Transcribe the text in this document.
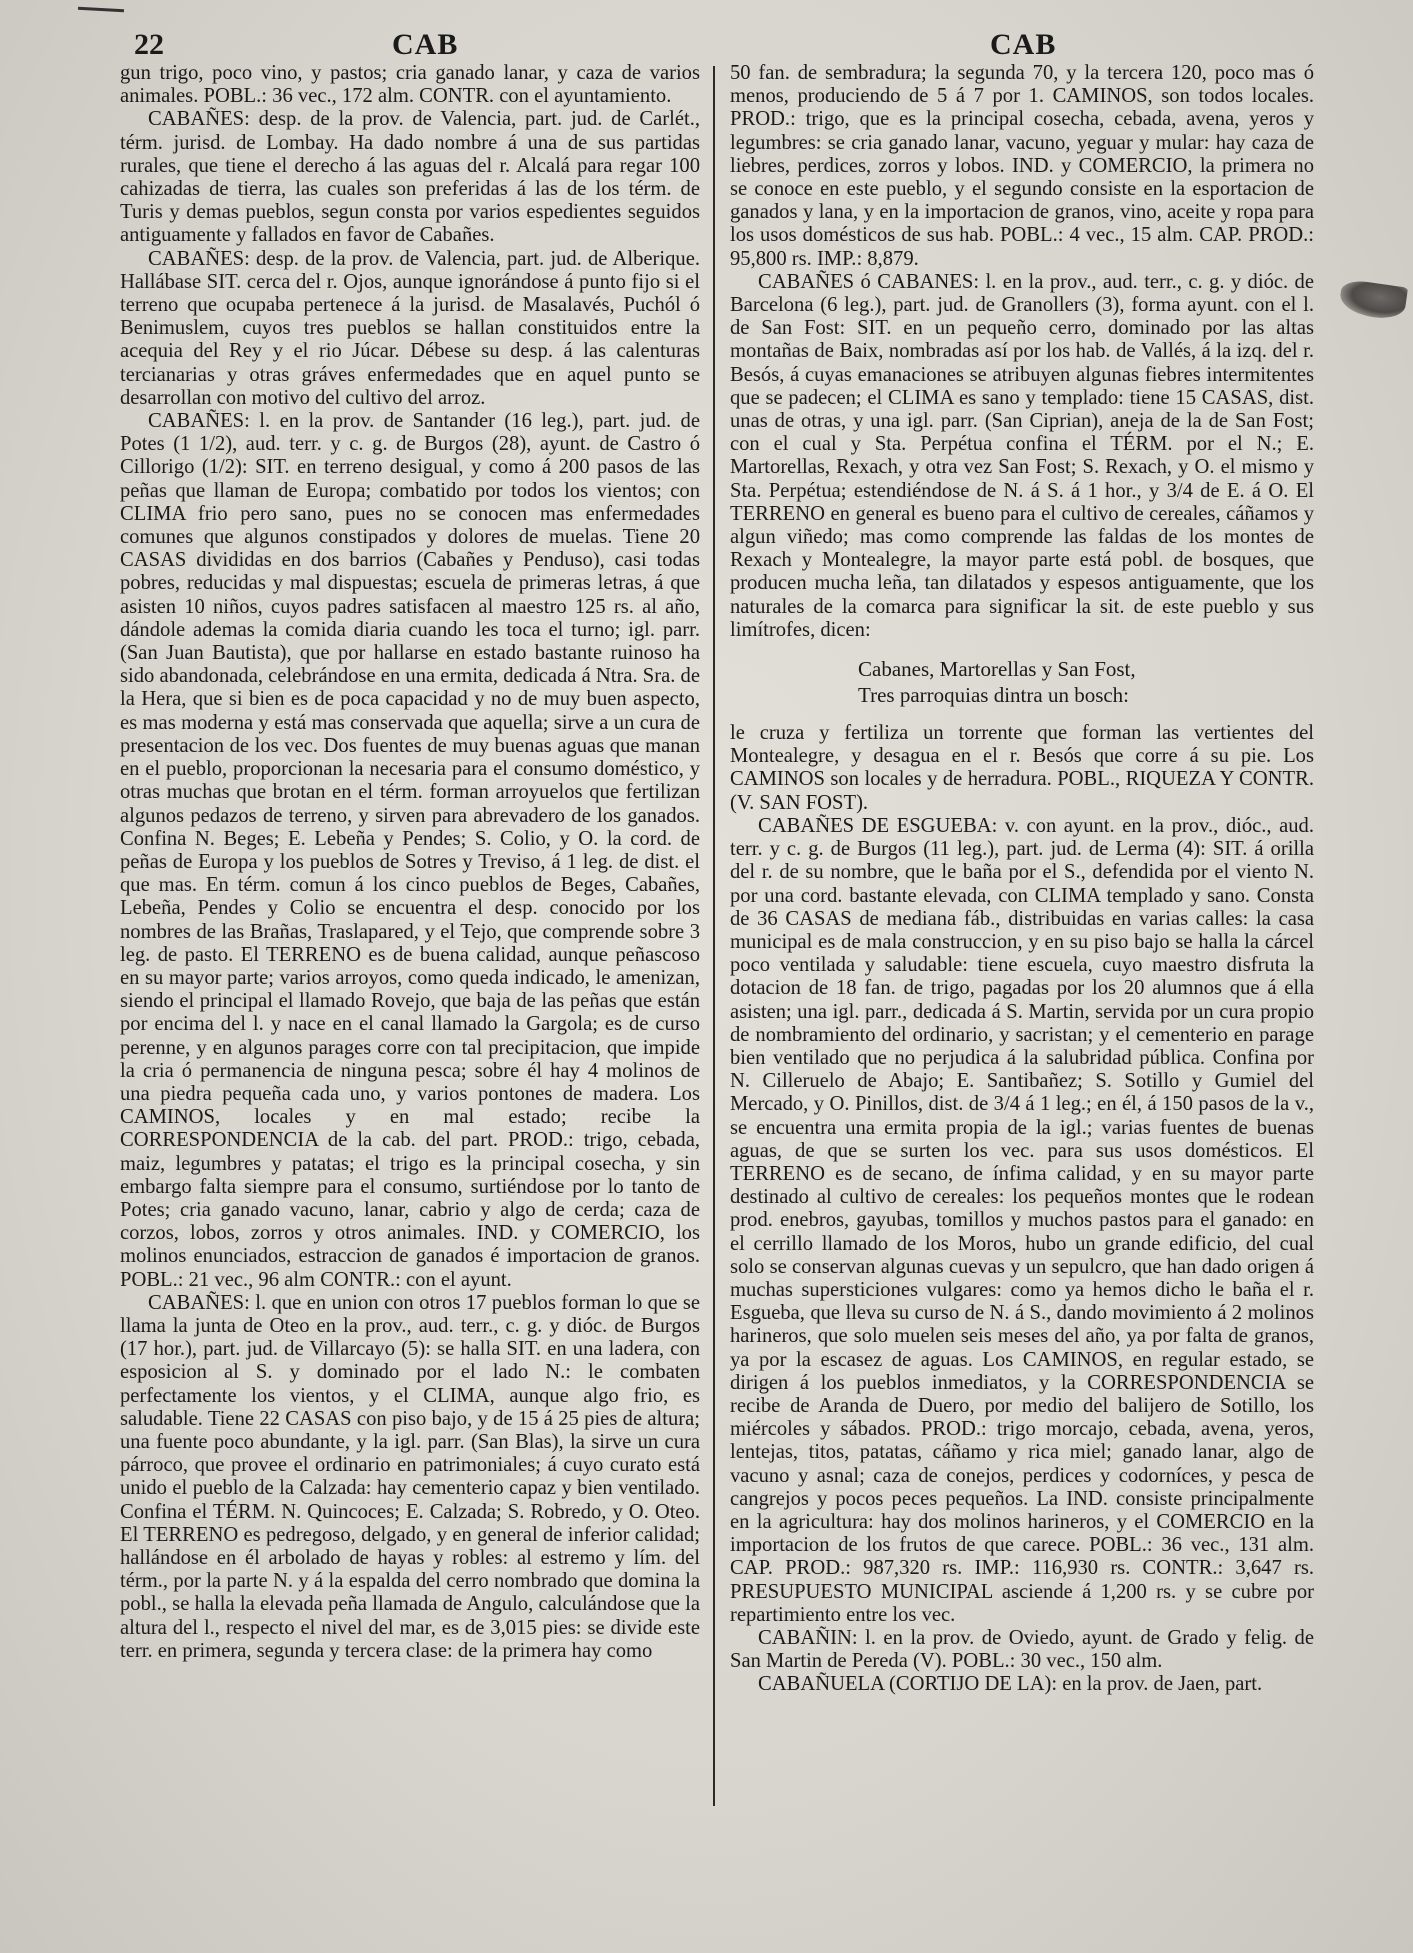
22	CAB	CAB

gun trigo, poco vino, y pastos; cria ganado lanar, y caza de varios animales. POBL.: 36 vec., 172 alm. CONTR. con el ayuntamiento.

CABAÑES: desp. de la prov. de Valencia, part. jud. de Carlét., térm. jurisd. de Lombay. Ha dado nombre á una de sus partidas rurales, que tiene el derecho á las aguas del r. Alcalá para regar 100 cahizadas de tierra, las cuales son preferidas á las de los térm. de Turis y demas pueblos, segun consta por varios espedientes seguidos antiguamente y fallados en favor de Cabañes.

CABAÑES: desp. de la prov. de Valencia, part. jud. de Alberique. Hallábase SIT. cerca del r. Ojos, aunque ignorándose á punto fijo si el terreno que ocupaba pertenece á la jurisd. de Masalavés, Puchól ó Benimuslem, cuyos tres pueblos se hallan constituidos entre la acequia del Rey y el rio Júcar. Débese su desp. á las calenturas tercianarias y otras gráves enfermedades que en aquel punto se desarrollan con motivo del cultivo del arroz.

CABAÑES: l. en la prov. de Santander (16 leg.), part. jud. de Potes (1 1/2), aud. terr. y c. g. de Burgos (28), ayunt. de Castro ó Cillorigo (1/2): SIT. en terreno desigual, y como á 200 pasos de las peñas que llaman de Europa; combatido por todos los vientos; con CLIMA frio pero sano, pues no se conocen mas enfermedades comunes que algunos constipados y dolores de muelas. Tiene 20 CASAS divididas en dos barrios (Cabañes y Penduso), casi todas pobres, reducidas y mal dispuestas; escuela de primeras letras, á que asisten 10 niños, cuyos padres satisfacen al maestro 125 rs. al año, dándole ademas la comida diaria cuando les toca el turno; igl. parr. (San Juan Bautista), que por hallarse en estado bastante ruinoso ha sido abandonada, celebrándose en una ermita, dedicada á Ntra. Sra. de la Hera, que si bien es de poca capacidad y no de muy buen aspecto, es mas moderna y está mas conservada que aquella; sirve a un cura de presentacion de los vec. Dos fuentes de muy buenas aguas que manan en el pueblo, proporcionan la necesaria para el consumo doméstico, y otras muchas que brotan en el térm. forman arroyuelos que fertilizan algunos pedazos de terreno, y sirven para abrevadero de los ganados. Confina N. Beges; E. Lebeña y Pendes; S. Colio, y O. la cord. de peñas de Europa y los pueblos de Sotres y Treviso, á 1 leg. de dist. el que mas. En térm. comun á los cinco pueblos de Beges, Cabañes, Lebeña, Pendes y Colio se encuentra el desp. conocido por los nombres de las Brañas, Traslapared, y el Tejo, que comprende sobre 3 leg. de pasto. El TERRENO es de buena calidad, aunque peñascoso en su mayor parte; varios arroyos, como queda indicado, le amenizan, siendo el principal el llamado Rovejo, que baja de las peñas que están por encima del l. y nace en el canal llamado la Gargola; es de curso perenne, y en algunos parages corre con tal precipitacion, que impide la cria ó permanencia de ninguna pesca; sobre él hay 4 molinos de una piedra pequeña cada uno, y varios pontones de madera. Los CAMINOS, locales y en mal estado; recibe la CORRESPONDENCIA de la cab. del part. PROD.: trigo, cebada, maiz, legumbres y patatas; el trigo es la principal cosecha, y sin embargo falta siempre para el consumo, surtiéndose por lo tanto de Potes; cria ganado vacuno, lanar, cabrio y algo de cerda; caza de corzos, lobos, zorros y otros animales. IND. y COMERCIO, los molinos enunciados, estraccion de ganados é importacion de granos. POBL.: 21 vec., 96 alm CONTR.: con el ayunt.

CABAÑES: l. que en union con otros 17 pueblos forman lo que se llama la junta de Oteo en la prov., aud. terr., c. g. y dióc. de Burgos (17 hor.), part. jud. de Villarcayo (5): se halla SIT. en una ladera, con esposicion al S. y dominado por el lado N.: le combaten perfectamente los vientos, y el CLIMA, aunque algo frio, es saludable. Tiene 22 CASAS con piso bajo, y de 15 á 25 pies de altura; una fuente poco abundante, y la igl. parr. (San Blas), la sirve un cura párroco, que provee el ordinario en patrimoniales; á cuyo curato está unido el pueblo de la Calzada: hay cementerio capaz y bien ventilado. Confina el TÉRM. N. Quincoces; E. Calzada; S. Robredo, y O. Oteo. El TERRENO es pedregoso, delgado, y en general de inferior calidad; hallándose en él arbolado de hayas y robles: al estremo y lím. del térm., por la parte N. y á la espalda del cerro nombrado que domina la pobl., se halla la elevada peña llamada de Angulo, calculándose que la altura del l., respecto el nivel del mar, es de 3,015 pies: se divide este terr. en primera, segunda y tercera clase: de la primera hay como

50 fan. de sembradura; la segunda 70, y la tercera 120, poco mas ó menos, produciendo de 5 á 7 por 1. CAMINOS, son todos locales. PROD.: trigo, que es la principal cosecha, cebada, avena, yeros y legumbres: se cria ganado lanar, vacuno, yeguar y mular: hay caza de liebres, perdices, zorros y lobos. IND. y COMERCIO, la primera no se conoce en este pueblo, y el segundo consiste en la esportacion de ganados y lana, y en la importacion de granos, vino, aceite y ropa para los usos domésticos de sus hab. POBL.: 4 vec., 15 alm. CAP. PROD.: 95,800 rs. IMP.: 8,879.

CABAÑES ó CABANES: l. en la prov., aud. terr., c. g. y dióc. de Barcelona (6 leg.), part. jud. de Granollers (3), forma ayunt. con el l. de San Fost: SIT. en un pequeño cerro, dominado por las altas montañas de Baix, nombradas así por los hab. de Vallés, á la izq. del r. Besós, á cuyas emanaciones se atribuyen algunas fiebres intermitentes que se padecen; el CLIMA es sano y templado: tiene 15 CASAS, dist. unas de otras, y una igl. parr. (San Ciprian), aneja de la de San Fost; con el cual y Sta. Perpétua confina el TÉRM. por el N.; E. Martorellas, Rexach, y otra vez San Fost; S. Rexach, y O. el mismo y Sta. Perpétua; estendiéndose de N. á S. á 1 hor., y 3/4 de E. á O. El TERRENO en general es bueno para el cultivo de cereales, cáñamos y algun viñedo; mas como comprende las faldas de los montes de Rexach y Montealegre, la mayor parte está pobl. de bosques, que producen mucha leña, tan dilatados y espesos antiguamente, que los naturales de la comarca para significar la sit. de este pueblo y sus limítrofes, dicen:

Cabanes, Martorellas y San Fost,
Tres parroquias dintra un bosch:

le cruza y fertiliza un torrente que forman las vertientes del Montealegre, y desagua en el r. Besós que corre á su pie. Los CAMINOS son locales y de herradura. POBL., RIQUEZA Y CONTR. (V. SAN FOST).

CABAÑES DE ESGUEBA: v. con ayunt. en la prov., dióc., aud. terr. y c. g. de Burgos (11 leg.), part. jud. de Lerma (4): SIT. á orilla del r. de su nombre, que le baña por el S., defendida por el viento N. por una cord. bastante elevada, con CLIMA templado y sano. Consta de 36 CASAS de mediana fáb., distribuidas en varias calles: la casa municipal es de mala construccion, y en su piso bajo se halla la cárcel poco ventilada y saludable: tiene escuela, cuyo maestro disfruta la dotacion de 18 fan. de trigo, pagadas por los 20 alumnos que á ella asisten; una igl. parr., dedicada á S. Martin, servida por un cura propio de nombramiento del ordinario, y sacristan; y el cementerio en parage bien ventilado que no perjudica á la salubridad pública. Confina por N. Cilleruelo de Abajo; E. Santibañez; S. Sotillo y Gumiel del Mercado, y O. Pinillos, dist. de 3/4 á 1 leg.; en él, á 150 pasos de la v., se encuentra una ermita propia de la igl.; varias fuentes de buenas aguas, de que se surten los vec. para sus usos domésticos. El TERRENO es de secano, de ínfima calidad, y en su mayor parte destinado al cultivo de cereales: los pequeños montes que le rodean prod. enebros, gayubas, tomillos y muchos pastos para el ganado: en el cerrillo llamado de los Moros, hubo un grande edificio, del cual solo se conservan algunas cuevas y un sepulcro, que han dado origen á muchas supersticiones vulgares: como ya hemos dicho le baña el r. Esgueba, que lleva su curso de N. á S., dando movimiento á 2 molinos harineros, que solo muelen seis meses del año, ya por falta de granos, ya por la escasez de aguas. Los CAMINOS, en regular estado, se dirigen á los pueblos inmediatos, y la CORRESPONDENCIA se recibe de Aranda de Duero, por medio del balijero de Sotillo, los miércoles y sábados. PROD.: trigo morcajo, cebada, avena, yeros, lentejas, titos, patatas, cáñamo y rica miel; ganado lanar, algo de vacuno y asnal; caza de conejos, perdices y codorníces, y pesca de cangrejos y pocos peces pequeños. La IND. consiste principalmente en la agricultura: hay dos molinos harineros, y el COMERCIO en la importacion de los frutos de que carece. POBL.: 36 vec., 131 alm. CAP. PROD.: 987,320 rs. IMP.: 116,930 rs. CONTR.: 3,647 rs. PRESUPUESTO MUNICIPAL asciende á 1,200 rs. y se cubre por repartimiento entre los vec.

CABAÑIN: l. en la prov. de Oviedo, ayunt. de Grado y felig. de San Martin de Pereda (V). POBL.: 30 vec., 150 alm.

CABAÑUELA (CORTIJO DE LA): en la prov. de Jaen, part.
